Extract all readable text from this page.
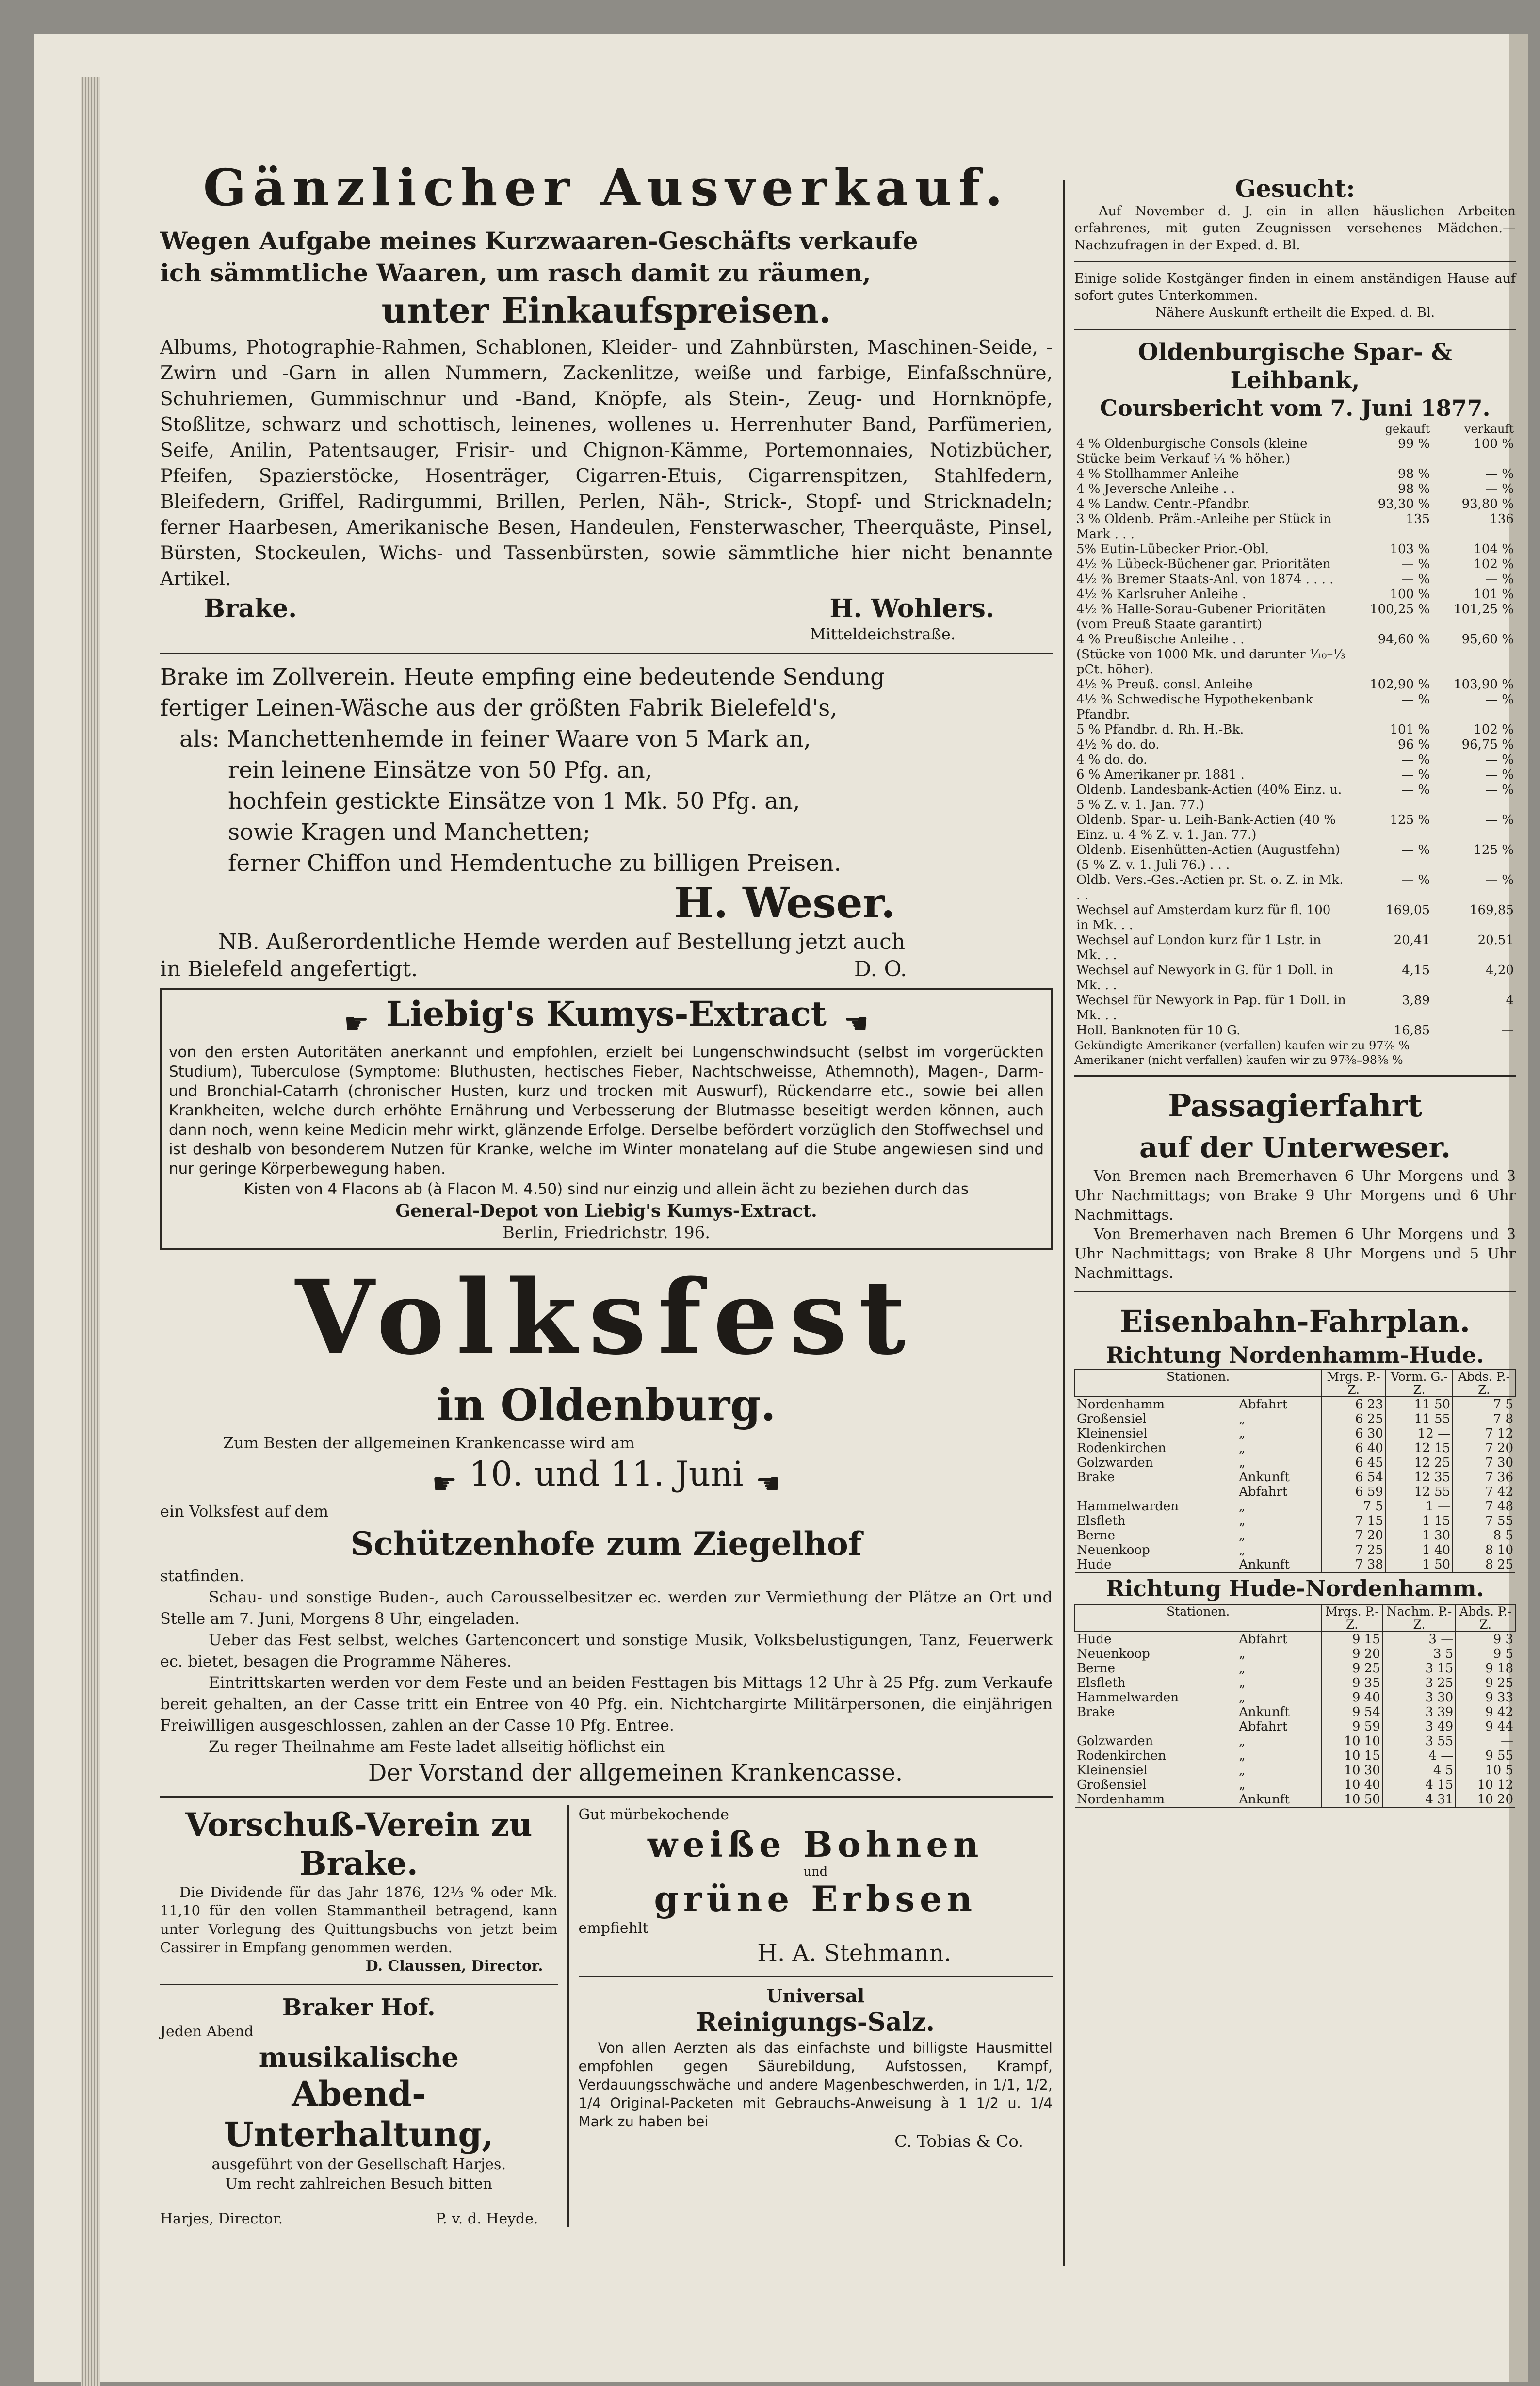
Gänzlicher Ausverkauf.

Wegen Aufgabe meines Kurzwaaren-Geschäfts verkaufe

ich sämmtliche Waaren, um rasch damit zu räumen,

unter Einkaufspreisen.

Albums, Photographie-Rahmen, Schablonen, Kleider- und Zahnbürsten, Maschinen-Seide, -Zwirn und -Garn in allen Nummern, Zackenlitze, weiße und farbige, Einfaßschnüre, Schuhriemen, Gummischnur und -Band, Knöpfe, als Stein-, Zeug- und Hornknöpfe, Stoßlitze, schwarz und schottisch, leinenes, wollenes u. Herrenhuter Band, Parfümerien, Seife, Anilin, Patentsauger, Frisir- und Chignon-Kämme, Portemonnaies, Notizbücher, Pfeifen, Spazierstöcke, Hosenträger, Cigarren-Etuis, Cigarrenspitzen, Stahlfedern, Bleifedern, Griffel, Radirgummi, Brillen, Perlen, Näh-, Strick-, Stopf- und Stricknadeln; ferner Haarbesen, Amerikanische Besen, Handeulen, Fensterwascher, Theerquäste, Pinsel, Bürsten, Stockeulen, Wichs- und Tassenbürsten, sowie sämmtliche hier nicht benannte Artikel.

Brake.	H. Wohlers.

Mitteldeichstraße.

Brake im Zollverein. Heute empfing eine bedeutende Sendung

fertiger Leinen-Wäsche aus der größten Fabrik Bielefeld's,

als: Manchettenhemde in feiner Waare von 5 Mark an,

rein leinene Einsätze von 50 Pfg. an,

hochfein gestickte Einsätze von 1 Mk. 50 Pfg. an,

sowie Kragen und Manchetten;

ferner Chiffon und Hemdentuche zu billigen Preisen.

H. Weser.

NB. Außerordentliche Hemde werden auf Bestellung jetzt auch

in Bielefeld angefertigt.	D. O.
☛ Liebig's Kumys-Extract ☚

von den ersten Autoritäten anerkannt und empfohlen, erzielt bei Lungenschwindsucht (selbst im vorgerückten Studium), Tuberculose (Symptome: Bluthusten, hectisches Fieber, Nachtschweisse, Athemnoth), Magen-, Darm- und Bronchial-Catarrh (chronischer Husten, kurz und trocken mit Auswurf), Rückendarre etc., sowie bei allen Krankheiten, welche durch erhöhte Ernährung und Verbesserung der Blutmasse beseitigt werden können, auch dann noch, wenn keine Medicin mehr wirkt, glänzende Erfolge. Derselbe befördert vorzüglich den Stoffwechsel und ist deshalb von besonderem Nutzen für Kranke, welche im Winter monatelang auf die Stube angewiesen sind und nur geringe Körperbewegung haben.

Kisten von 4 Flacons ab (à Flacon M. 4.50) sind nur einzig und allein ächt zu beziehen durch das

General-Depot von Liebig's Kumys-Extract.

Berlin, Friedrichstr. 196.

Volksfest

in Oldenburg.

Zum Besten der allgemeinen Krankencasse wird am

☛ 10. und 11. Juni ☚

ein Volksfest auf dem

Schützenhofe zum Ziegelhof

statfinden.

Schau- und sonstige Buden-, auch Carousselbesitzer ec. werden zur Vermiethung der Plätze an Ort und Stelle am 7. Juni, Morgens 8 Uhr, eingeladen.

Ueber das Fest selbst, welches Gartenconcert und sonstige Musik, Volksbelustigungen, Tanz, Feuerwerk ec. bietet, besagen die Programme Näheres.

Eintrittskarten werden vor dem Feste und an beiden Festtagen bis Mittags 12 Uhr à 25 Pfg. zum Verkaufe bereit gehalten, an der Casse tritt ein Entree von 40 Pfg. ein. Nichtchargirte Militärpersonen, die einjährigen Freiwilligen ausgeschlossen, zahlen an der Casse 10 Pfg. Entree.

Zu reger Theilnahme am Feste ladet allseitig höflichst ein

Der Vorstand der allgemeinen Krankencasse.

Vorschuß-Verein zu

Brake.

Die Dividende für das Jahr 1876, 12⅓ % oder Mk. 11,10 für den vollen Stammantheil betragend, kann unter Vorlegung des Quittungsbuchs von jetzt beim Cassirer in Empfang genommen werden.

D. Claussen, Director.

Braker Hof.

Jeden Abend

musikalische

Abend-Unterhaltung,

ausgeführt von der Gesellschaft Harjes.

Um recht zahlreichen Besuch bitten

Harjes, Director.	P. v. d. Heyde.

Gut mürbekochende

weiße Bohnen

und

grüne Erbsen

empfiehlt

H. A. Stehmann.

Universal

Reinigungs-Salz.

Von allen Aerzten als das einfachste und billigste Hausmittel empfohlen gegen Säurebildung, Aufstossen, Krampf, Verdauungsschwäche und andere Magenbeschwerden, in 1/1, 1/2, 1/4 Original-Packeten mit Gebrauchs-Anweisung à 1 1/2 u. 1/4 Mark zu haben bei

C. Tobias & Co.

Gesucht:

Auf November d. J. ein in allen häuslichen Arbeiten erfahrenes, mit guten Zeugnissen versehenes Mädchen.— Nachzufragen in der Exped. d. Bl.

Einige solide Kostgänger finden in einem anständigen Hause auf sofort gutes Unterkommen.

Nähere Auskunft ertheilt die Exped. d. Bl.

Oldenburgische Spar- & Leihbank,

Coursbericht vom 7. Juni 1877.

	gekauft	verkauft
4 % Oldenburgische Consols (kleine Stücke beim Verkauf ¼ % höher.)	99 %	100 %
4 % Stollhammer Anleihe	98 %	— %
4 % Jeversche Anleihe . .	98 %	— %
4 % Landw. Centr.-Pfandbr.	93,30 %	93,80 %
3 % Oldenb. Präm.-Anleihe per Stück in Mark . . .	135	136
5% Eutin-Lübecker Prior.-Obl.	103 %	104 %
4½ % Lübeck-Büchener gar. Prioritäten	— %	102 %
4½ % Bremer Staats-Anl. von 1874 . . . .	— %	— %
4½ % Karlsruher Anleihe .	100 %	101 %
4½ % Halle-Sorau-Gubener Prioritäten (vom Preuß Staate garantirt)	100,25 %	101,25 %
4 % Preußische Anleihe . .	94,60 %	95,60 %
(Stücke von 1000 Mk. und darunter ⅒–⅓ pCt. höher).		
4½ % Preuß. consl. Anleihe	102,90 %	103,90 %
4½ % Schwedische Hypothekenbank Pfandbr.	— %	— %
5 % Pfandbr. d. Rh. H.-Bk.	101 %	102 %
4½ % do. do.	96 %	96,75 %
4 % do. do.	— %	— %
6 % Amerikaner pr. 1881 .	— %	— %
Oldenb. Landesbank-Actien (40% Einz. u. 5 % Z. v. 1. Jan. 77.)	— %	— %
Oldenb. Spar- u. Leih-Bank-Actien (40 % Einz. u. 4 % Z. v. 1. Jan. 77.)	125 %	— %
Oldenb. Eisenhütten-Actien (Augustfehn) (5 % Z. v. 1. Juli 76.) . . .	— %	125 %
Oldb. Vers.-Ges.-Actien pr. St. o. Z. in Mk. . .	— %	— %
Wechsel auf Amsterdam kurz für fl. 100 in Mk. . .	169,05	169,85
Wechsel auf London kurz für 1 Lstr. in Mk. . .	20,41	20.51
Wechsel auf Newyork in G. für 1 Doll. in Mk. . .	4,15	4,20
Wechsel für Newyork in Pap. für 1 Doll. in Mk. . .	3,89	4
Holl. Banknoten für 10 G.	16,85	—

Gekündigte Amerikaner (verfallen) kaufen wir zu 97⅞ %

Amerikaner (nicht verfallen) kaufen wir zu 97⅜–98⅜ %

Passagierfahrt

auf der Unterweser.

Von Bremen nach Bremerhaven 6 Uhr Morgens und 3 Uhr Nachmittags; von Brake 9 Uhr Morgens und 6 Uhr Nachmittags.

Von Bremerhaven nach Bremen 6 Uhr Morgens und 3 Uhr Nachmittags; von Brake 8 Uhr Morgens und 5 Uhr Nachmittags.

Eisenbahn-Fahrplan.

Richtung Nordenhamm-Hude.

Stationen.		Mrgs. P.-Z.	Vorm. G.-Z.	Abds. P.-Z.
Nordenhamm	Abfahrt	6 23	11 50	7 5
Großensiel	„	6 25	11 55	7 8
Kleinensiel	„	6 30	12 —	7 12
Rodenkirchen	„	6 40	12 15	7 20
Golzwarden	„	6 45	12 25	7 30
Brake	Ankunft	6 54	12 35	7 36
	Abfahrt	6 59	12 55	7 42
Hammelwarden	„	7 5	1 —	7 48
Elsfleth	„	7 15	1 15	7 55
Berne	„	7 20	1 30	8 5
Neuenkoop	„	7 25	1 40	8 10
Hude	Ankunft	7 38	1 50	8 25

Richtung Hude-Nordenhamm.

Stationen.		Mrgs. P.-Z.	Nachm. P.-Z.	Abds. P.-Z.
Hude	Abfahrt	9 15	3 —	9 3
Neuenkoop	„	9 20	3 5	9 5
Berne	„	9 25	3 15	9 18
Elsfleth	„	9 35	3 25	9 25
Hammelwarden	„	9 40	3 30	9 33
Brake	Ankunft	9 54	3 39	9 42
	Abfahrt	9 59	3 49	9 44
Golzwarden	„	10 10	3 55	—
Rodenkirchen	„	10 15	4 —	9 55
Kleinensiel	„	10 30	4 5	10 5
Großensiel	„	10 40	4 15	10 12
Nordenhamm	Ankunft	10 50	4 31	10 20
